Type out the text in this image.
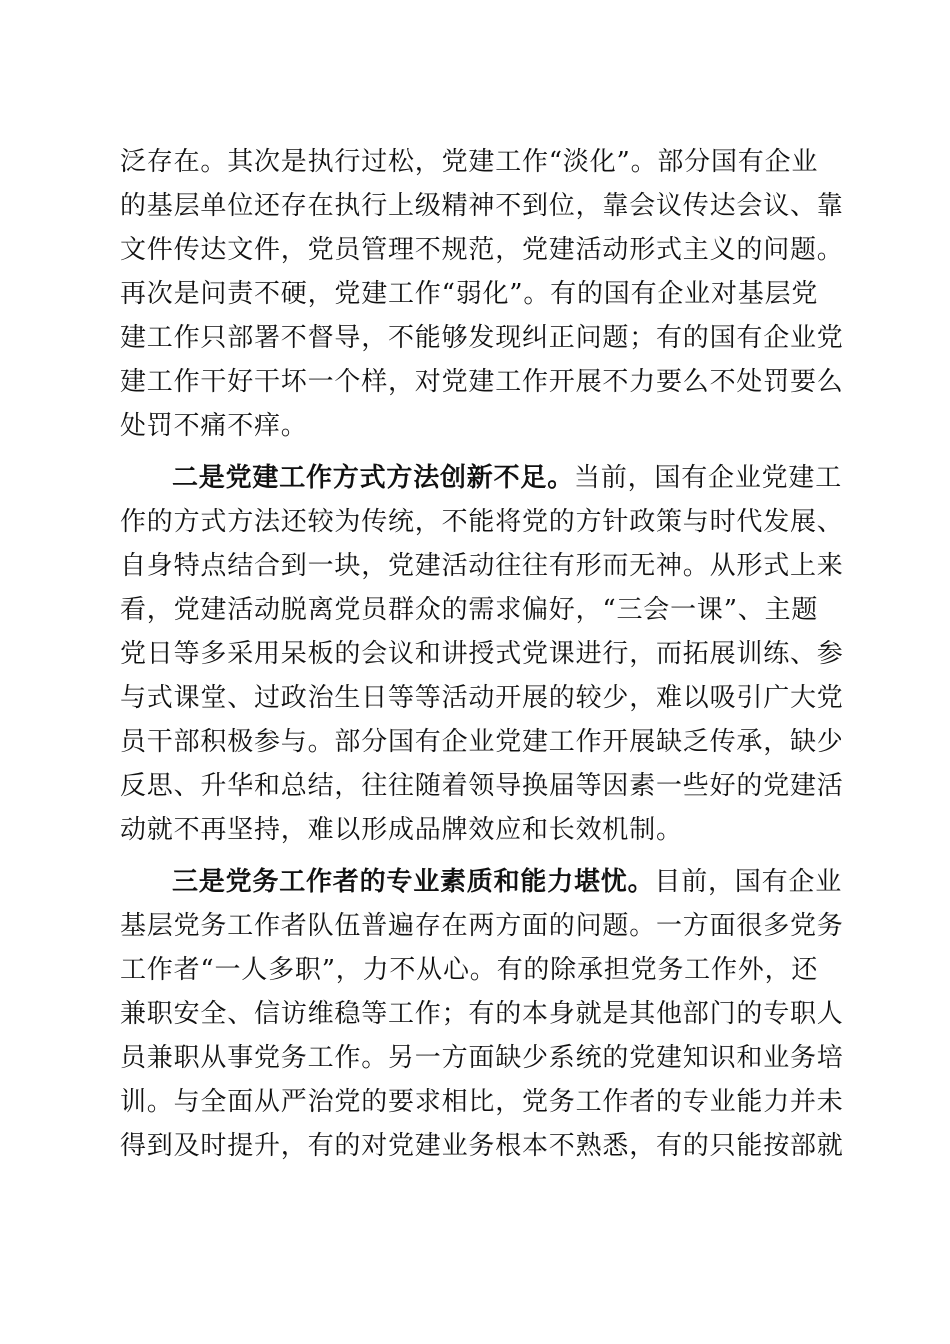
泛存在。其次是执行过松，党建工作“淡化”。部分国有企业
的基层单位还存在执行上级精神不到位，靠会议传达会议、靠
文件传达文件，党员管理不规范，党建活动形式主义的问题。
再次是问责不硬，党建工作“弱化”。有的国有企业对基层党
建工作只部署不督导，不能够发现纠正问题；有的国有企业党
建工作干好干坏一个样，对党建工作开展不力要么不处罚要么
处罚不痛不痒。
二是党建工作方式方法创新不足。当前，国有企业党建工
作的方式方法还较为传统，不能将党的方针政策与时代发展、
自身特点结合到一块，党建活动往往有形而无神。从形式上来
看，党建活动脱离党员群众的需求偏好，“三会一课”、主题
党日等多采用呆板的会议和讲授式党课进行，而拓展训练、参
与式课堂、过政治生日等等活动开展的较少，难以吸引广大党
员干部积极参与。部分国有企业党建工作开展缺乏传承，缺少
反思、升华和总结，往往随着领导换届等因素一些好的党建活
动就不再坚持，难以形成品牌效应和长效机制。
三是党务工作者的专业素质和能力堪忧。目前，国有企业
基层党务工作者队伍普遍存在两方面的问题。一方面很多党务
工作者“一人多职”，力不从心。有的除承担党务工作外，还
兼职安全、信访维稳等工作；有的本身就是其他部门的专职人
员兼职从事党务工作。另一方面缺少系统的党建知识和业务培
训。与全面从严治党的要求相比，党务工作者的专业能力并未
得到及时提升，有的对党建业务根本不熟悉，有的只能按部就
